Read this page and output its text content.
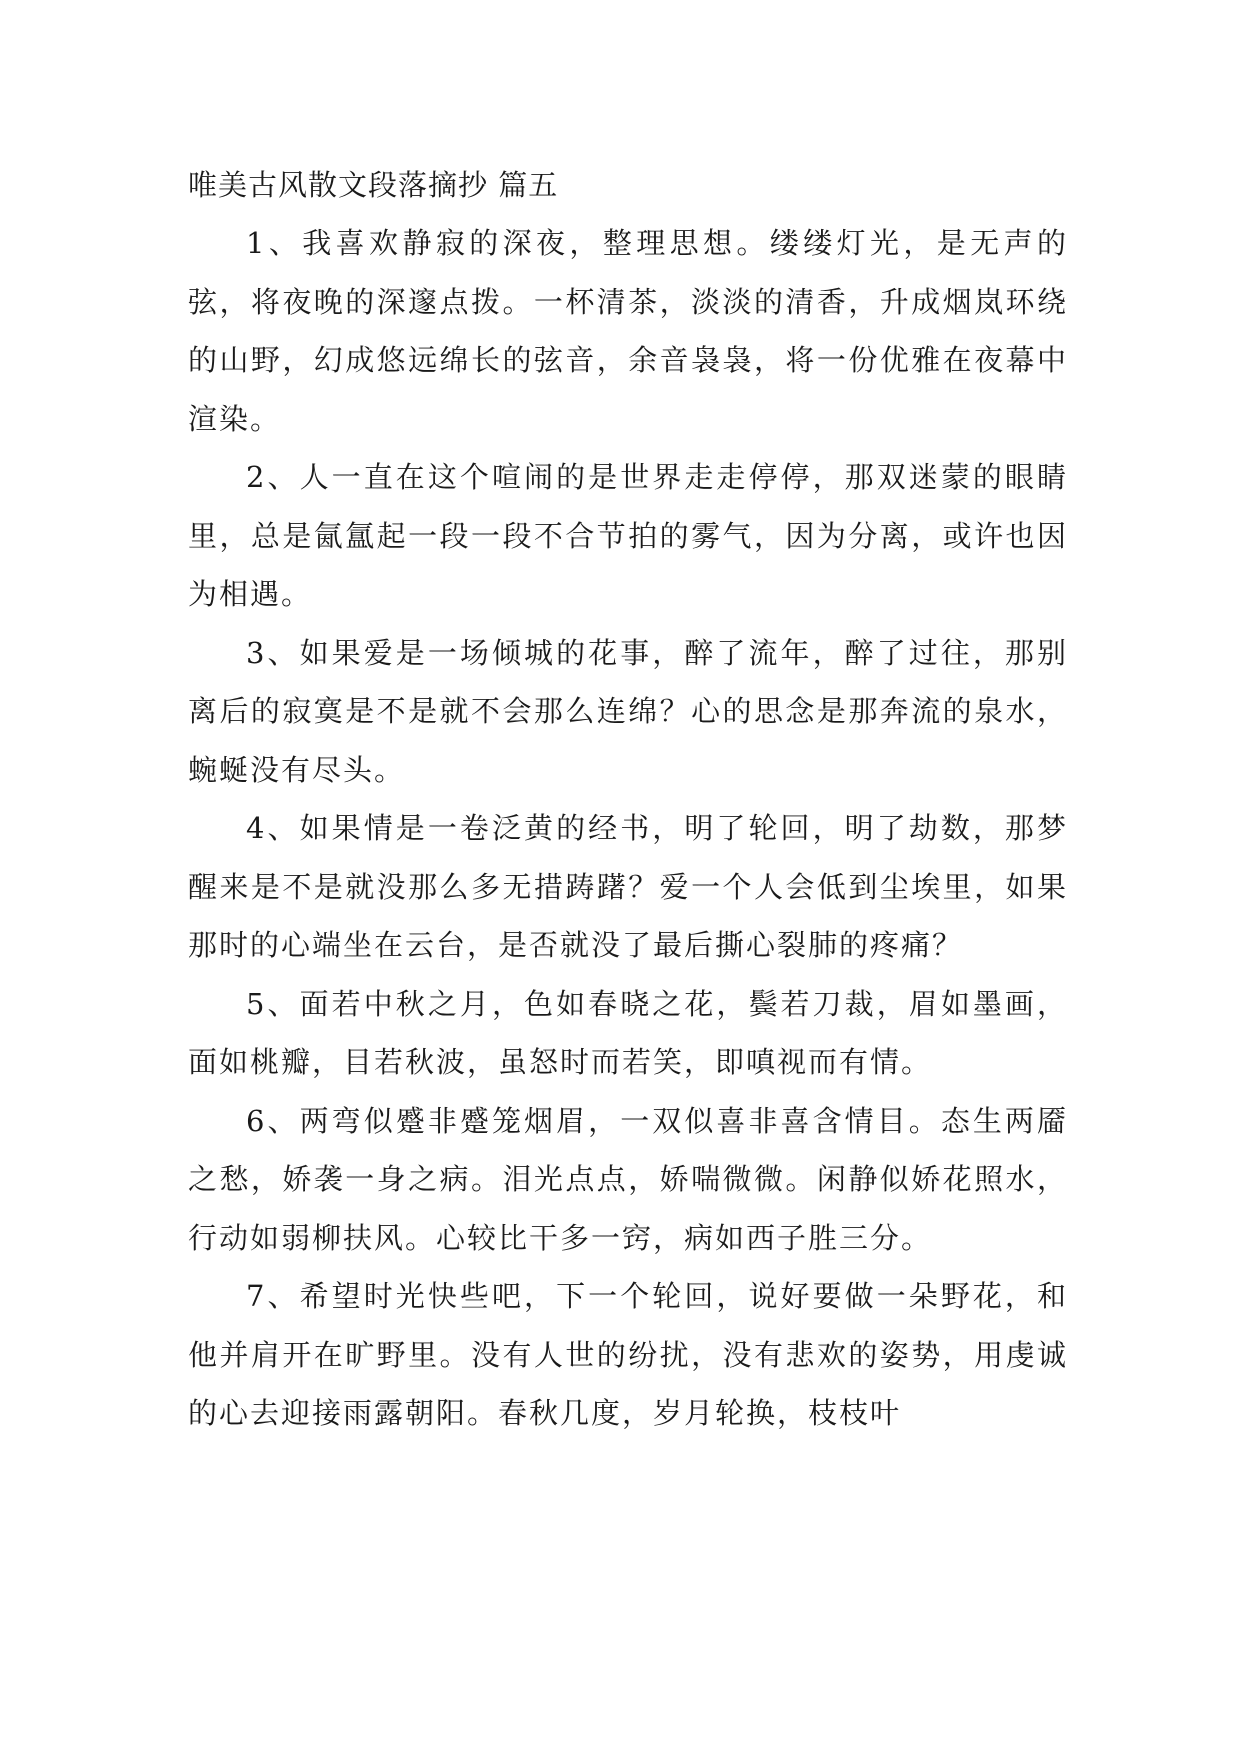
唯美古风散文段落摘抄 篇五

1、我喜欢静寂的深夜，整理思想。缕缕灯光，是无声的弦，将夜晚的深邃点拨。一杯清茶，淡淡的清香，升成烟岚环绕的山野，幻成悠远绵长的弦音，余音袅袅，将一份优雅在夜幕中渲染。

2、人一直在这个喧闹的是世界走走停停，那双迷蒙的眼睛里，总是氤氲起一段一段不合节拍的雾气，因为分离，或许也因为相遇。

3、如果爱是一场倾城的花事，醉了流年，醉了过往，那别离后的寂寞是不是就不会那么连绵？心的思念是那奔流的泉水，蜿蜒没有尽头。

4、如果情是一卷泛黄的经书，明了轮回，明了劫数，那梦醒来是不是就没那么多无措踌躇？爱一个人会低到尘埃里，如果那时的心端坐在云台，是否就没了最后撕心裂肺的疼痛？

5、面若中秋之月，色如春晓之花，鬓若刀裁，眉如墨画，面如桃瓣，目若秋波，虽怒时而若笑，即嗔视而有情。

6、两弯似蹙非蹙笼烟眉，一双似喜非喜含情目。态生两靥之愁，娇袭一身之病。泪光点点，娇喘微微。闲静似娇花照水，行动如弱柳扶风。心较比干多一窍，病如西子胜三分。

7、希望时光快些吧，下一个轮回，说好要做一朵野花，和他并肩开在旷野里。没有人世的纷扰，没有悲欢的姿势，用虔诚的心去迎接雨露朝阳。春秋几度，岁月轮换，枝枝叶
